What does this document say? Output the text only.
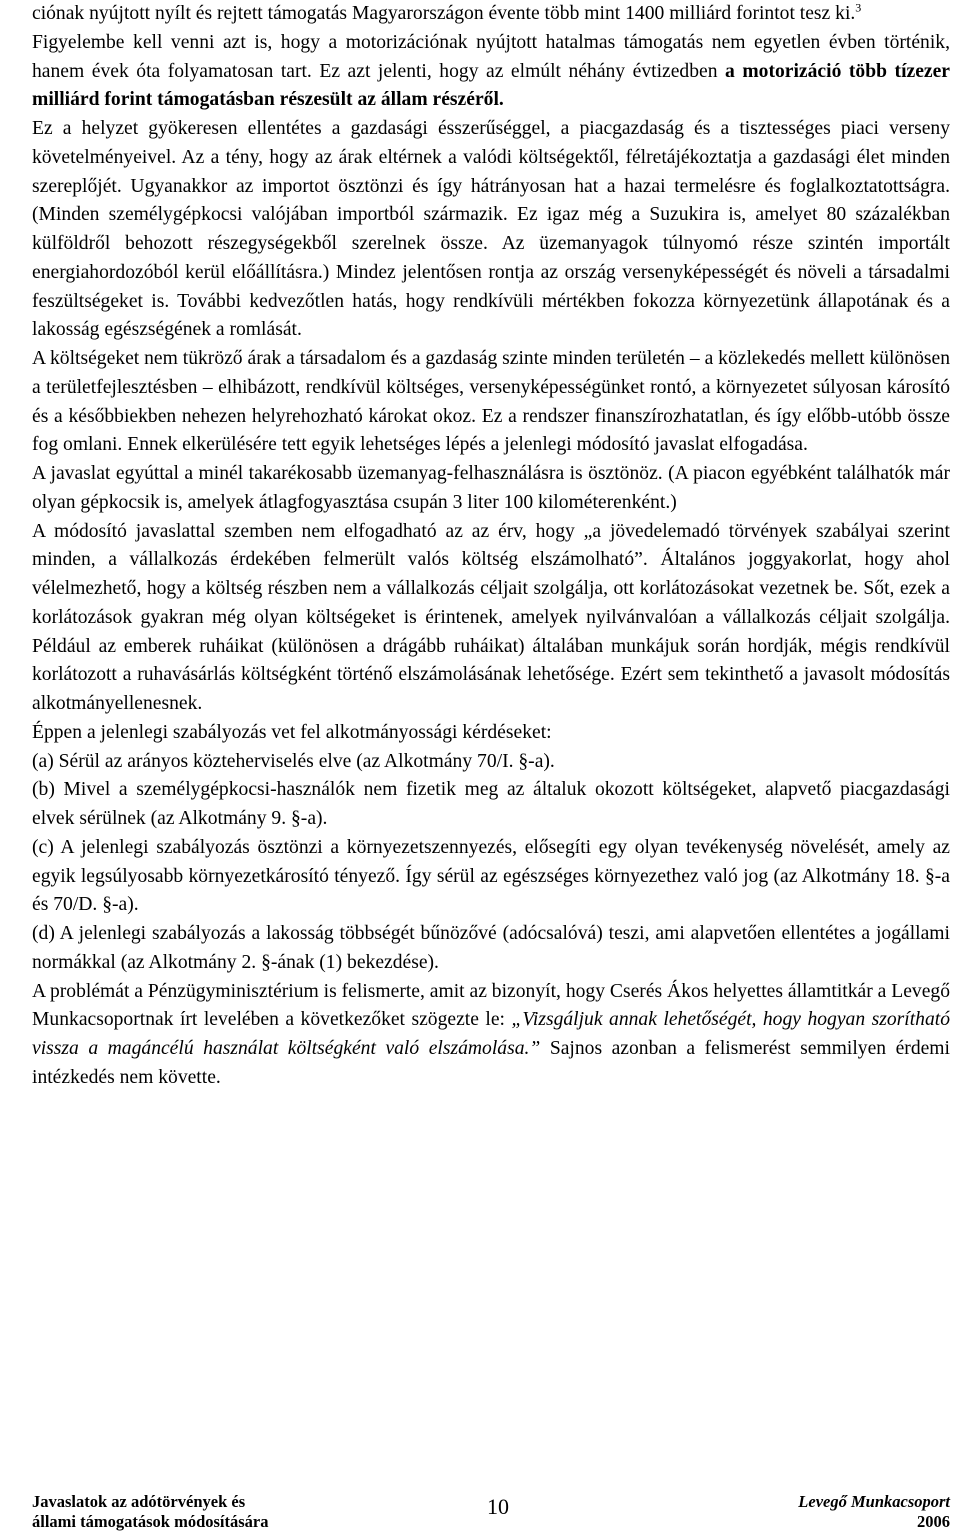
ciónak nyújtott nyílt és rejtett támogatás Magyarországon évente több mint 1400 milliárd forintot tesz ki.$^3$

Figyelembe kell venni azt is, hogy a motorizációnak nyújtott hatalmas támogatás nem egyetlen évben történik, hanem évek óta folyamatosan tart. Ez azt jelenti, hogy az elmúlt néhány évtizedben a motorizáció több tízezer milliárd forint támogatásban részesült az állam részéről.

Ez a helyzet gyökeresen ellentétes a gazdasági ésszerűséggel, a piacgazdaság és a tisztességes piaci verseny követelményeivel. Az a tény, hogy az árak eltérnek a valódi költségektől, félretájékoztatja a gazdasági élet minden szereplőjét. Ugyanakkor az importot ösztönzi és így hátrányosan hat a hazai termelésre és foglalkoztatottságra. (Minden személygépkocsi valójában importból származik. Ez igaz még a Suzukira is, amelyet 80 százalékban külföldről behozott részegységekből szerelnek össze. Az üzemanyagok túlnyomó része szintén importált energiahordozóból kerül előállításra.) Mindez jelentősen rontja az ország versenyképességét és növeli a társadalmi feszültségeket is. További kedvezőtlen hatás, hogy rendkívüli mértékben fokozza környezetünk állapotának és a lakosság egészségének a romlását.

A költségeket nem tükröző árak a társadalom és a gazdaság szinte minden területén – a közlekedés mellett különösen a területfejlesztésben – elhibázott, rendkívül költséges, versenyképességünket rontó, a környezetet súlyosan károsító és a későbbiekben nehezen helyrehozható károkat okoz. Ez a rendszer finanszírozhatatlan, és így előbb-utóbb össze fog omlani. Ennek elkerülésére tett egyik lehetséges lépés a jelenlegi módosító javaslat elfogadása.

A javaslat egyúttal a minél takarékosabb üzemanyag-felhasználásra is ösztönöz. (A piacon egyébként találhatók már olyan gépkocsik is, amelyek átlagfogyasztása csupán 3 liter 100 kilométerenként.)

A módosító javaslattal szemben nem elfogadható az az érv, hogy „a jövedelemadó törvények szabályai szerint minden, a vállalkozás érdekében felmerült valós költség elszámolható”. Általános joggyakorlat, hogy ahol vélelmezhető, hogy a költség részben nem a vállalkozás céljait szolgálja, ott korlátozásokat vezetnek be. Sőt, ezek a korlátozások gyakran még olyan költségeket is érintenek, amelyek nyilvánvalóan a vállalkozás céljait szolgálja. Például az emberek ruháikat (különösen a drágább ruháikat) általában munkájuk során hordják, mégis rendkívül korlátozott a ruhavásárlás költségként történő elszámolásának lehetősége. Ezért sem tekinthető a javasolt módosítás alkotmányellenesnek.

Éppen a jelenlegi szabályozás vet fel alkotmányossági kérdéseket:

(a) Sérül az arányos közteherviselés elve (az Alkotmány 70/I. §-a).

(b) Mivel a személygépkocsi-használók nem fizetik meg az általuk okozott költségeket, alapvető piacgazdasági elvek sérülnek (az Alkotmány 9. §-a).

(c) A jelenlegi szabályozás ösztönzi a környezetszennyezés, elősegíti egy olyan tevékenység növelését, amely az egyik legsúlyosabb környezetkárosító tényező. Így sérül az egészséges környezethez való jog (az Alkotmány 18. §-a és 70/D. §-a).

(d) A jelenlegi szabályozás a lakosság többségét bűnözővé (adócsalóvá) teszi, ami alapvetően ellentétes a jogállami normákkal (az Alkotmány 2. §-ának (1) bekezdése).

A problémát a Pénzügyminisztérium is felismerte, amit az bizonyít, hogy Cserés Ákos helyettes államtitkár a Levegő Munkacsoportnak írt levelében a következőket szögezte le: „Vizsgáljuk annak lehetőségét, hogy hogyan szorítható vissza a magáncélú használat költségként való elszámolása.” Sajnos azonban a felismerést semmilyen érdemi intézkedés nem követte.

Javaslatok az adótörvények és
állami támogatások módosítására
10	Levegő Munkacsoport
2006
